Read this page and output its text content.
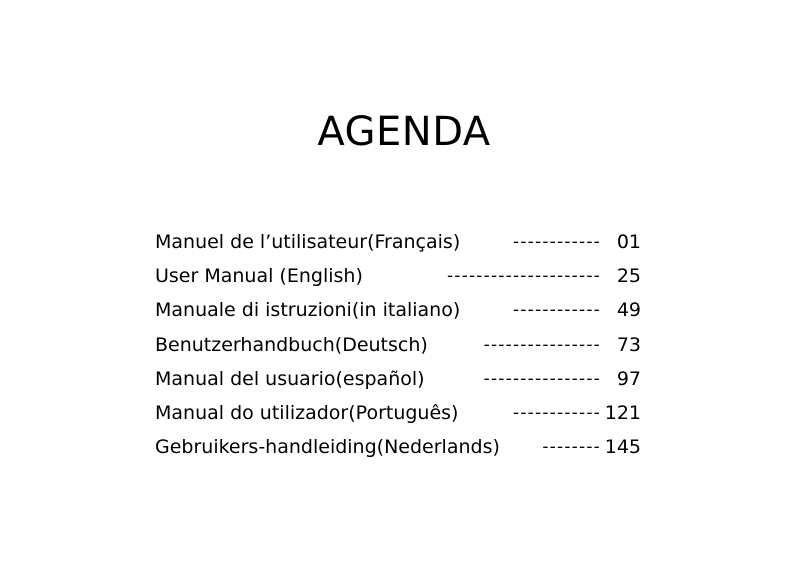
AGENDA
Manuel de l’utilisateur(Français)	------------ 01
User Manual (English)	--------------------- 25
Manuale di istruzioni(in italiano)	------------ 49
Benutzerhandbuch(Deutsch)	---------------- 73
Manual del usuario(español)	---------------- 97
Manual do utilizador(Português)	------------ 121
Gebruikers-handleiding(Nederlands) -------- 145
